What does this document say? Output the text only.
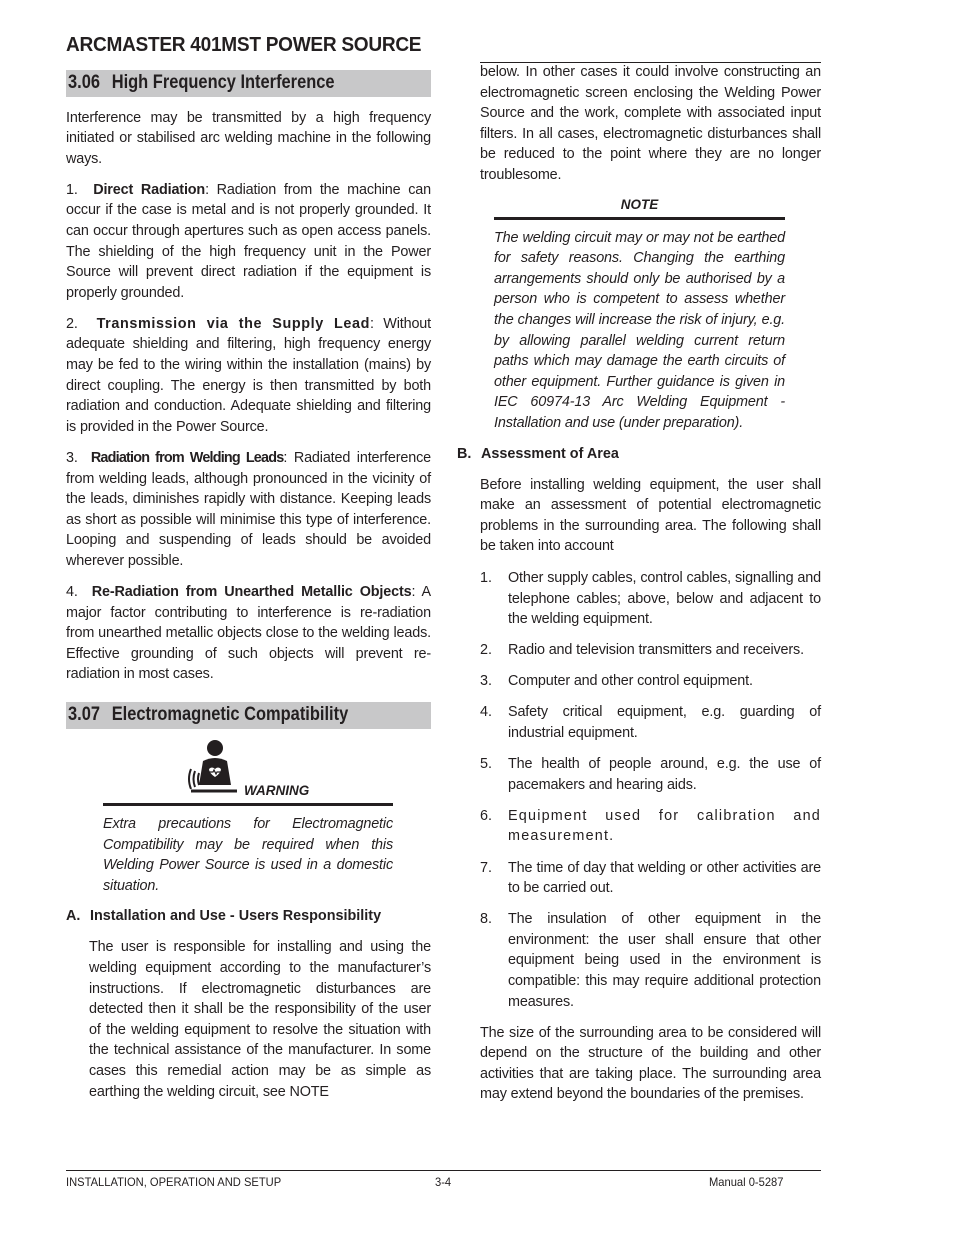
ARCMASTER 401MST POWER SOURCE
3.06 High Frequency Interference

Interference may be transmitted by a high frequency initiated or stabilised arc welding machine in the following ways.

1. Direct Radiation: Radiation from the machine can occur if the case is metal and is not properly grounded. It can occur through apertures such as open access panels. The shielding of the high frequency unit in the Power Source will prevent direct radiation if the equipment is properly grounded.

2. Transmission via the Supply Lead: Without adequate shielding and filtering, high frequency energy may be fed to the wiring within the installation (mains) by direct coupling. The energy is then transmitted by both radiation and conduction. Adequate shielding and filtering is provided in the Power Source.

3. Radiation from Welding Leads: Radiated interference from welding leads, although pronounced in the vicinity of the leads, diminishes rapidly with distance. Keeping leads as short as possible will minimise this type of interference. Looping and suspending of leads should be avoided wherever possible.

4. Re-Radiation from Unearthed Metallic Objects: A major factor contributing to interference is re-radiation from unearthed metallic objects close to the welding leads. Effective grounding of such objects will prevent re-radiation in most cases.

3.07 Electromagnetic Compatibility
WARNING

Extra precautions for Electromagnetic Compatibility may be required when this Welding Power Source is used in a domestic situation.

A. Installation and Use - Users Responsibility

The user is responsible for installing and using the welding equipment according to the manufacturer’s instructions. If electromagnetic disturbances are detected then it shall be the responsibility of the user of the welding equipment to resolve the situation with the technical assistance of the manufacturer. In some cases this remedial action may be as simple as earthing the welding circuit, see NOTE

below. In other cases it could involve constructing an electromagnetic screen enclosing the Welding Power Source and the work, complete with associated input filters. In all cases, electromagnetic disturbances shall be reduced to the point where they are no longer troublesome.

NOTE

The welding circuit may or may not be earthed for safety reasons. Changing the earthing arrangements should only be authorised by a person who is competent to assess whether the changes will increase the risk of injury, e.g. by allowing parallel welding current return paths which may damage the earth circuits of other equipment. Further guidance is given in IEC 60974-13 Arc Welding Equipment - Installation and use (under preparation).

B. Assessment of Area

Before installing welding equipment, the user shall make an assessment of potential electromagnetic problems in the surrounding area. The following shall be taken into account

1.	Other supply cables, control cables, signalling and telephone cables; above, below and adjacent to the welding equipment.
2.	Radio and television transmitters and receivers.
3.	Computer and other control equipment.
4.	Safety critical equipment, e.g. guarding of industrial equipment.
5.	The health of people around, e.g. the use of pacemakers and hearing aids.
6.	Equipment used for calibration and measurement.
7.	The time of day that welding or other activities are to be carried out.
8.	The insulation of other equipment in the environment: the user shall ensure that other equipment being used in the environment is compatible: this may require additional protection measures.

The size of the surrounding area to be considered will depend on the structure of the building and other activities that are taking place. The surrounding area may extend beyond the boundaries of the premises.

INSTALLATION, OPERATION AND SETUP	3-4	Manual 0-5287
